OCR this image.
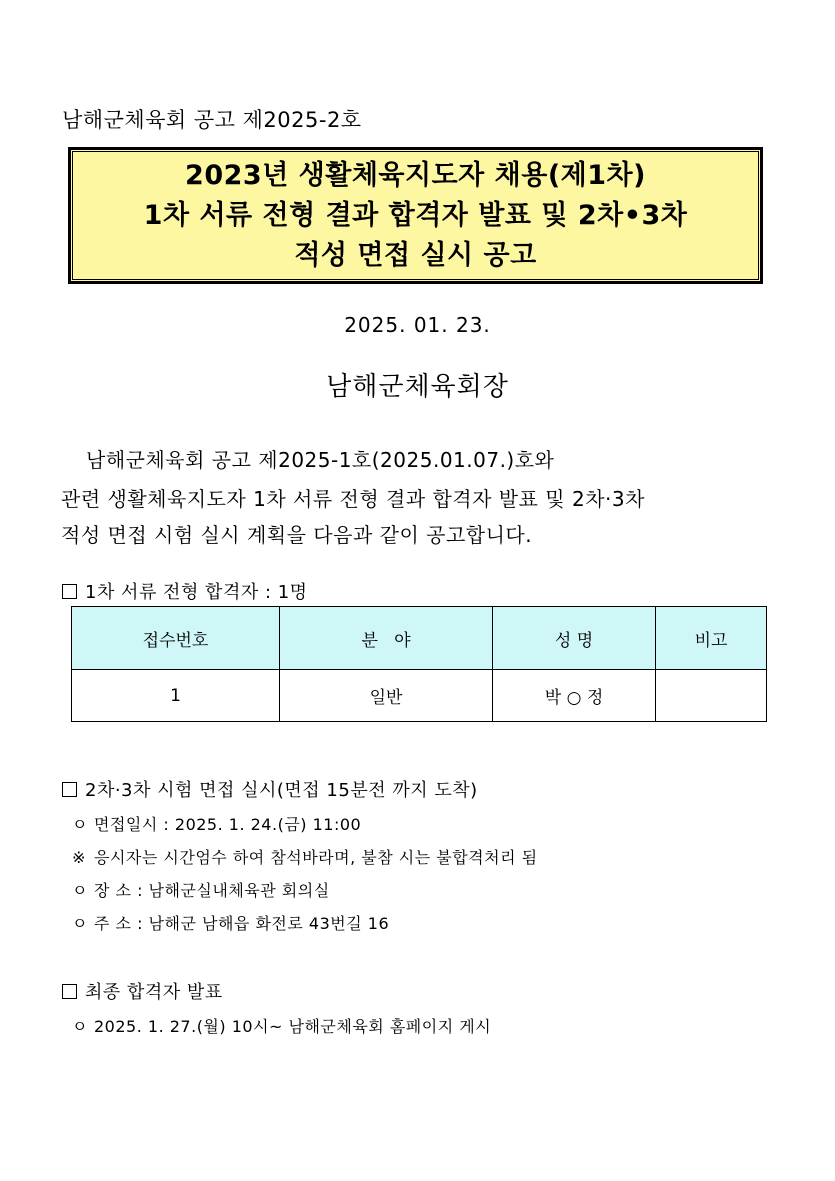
남해군체육회 공고 제2025-2호
2023년 생활체육지도자 채용(제1차)
1차 서류 전형 결과 합격자 발표 및 2차•3차
적성 면접 실시 공고
2025. 01. 23.
남해군체육회장
남해군체육회 공고 제2025-1호(2025.01.07.)호와
관련 생활체육지도자 1차 서류 전형 결과 합격자 발표 및 2차·3차
적성 면접 시험 실시 계획을 다음과 같이 공고합니다.
1차 서류 전형 합격자 : 1명
접수번호	분   야	성 명	비고
1	일반	박 ○ 정	
2차·3차 시험 면접 실시(면접 15분전 까지 도착)
ㅇ 면접일시 : 2025. 1. 24.(금) 11:00
※ 응시자는 시간엄수 하여 참석바라며, 불참 시는 불합격처리 됨
ㅇ 장 소 : 남해군실내체육관 회의실
ㅇ 주 소 : 남해군 남해읍 화전로 43번길 16
최종 합격자 발표
ㅇ 2025. 1. 27.(월) 10시~ 남해군체육회 홈페이지 게시
